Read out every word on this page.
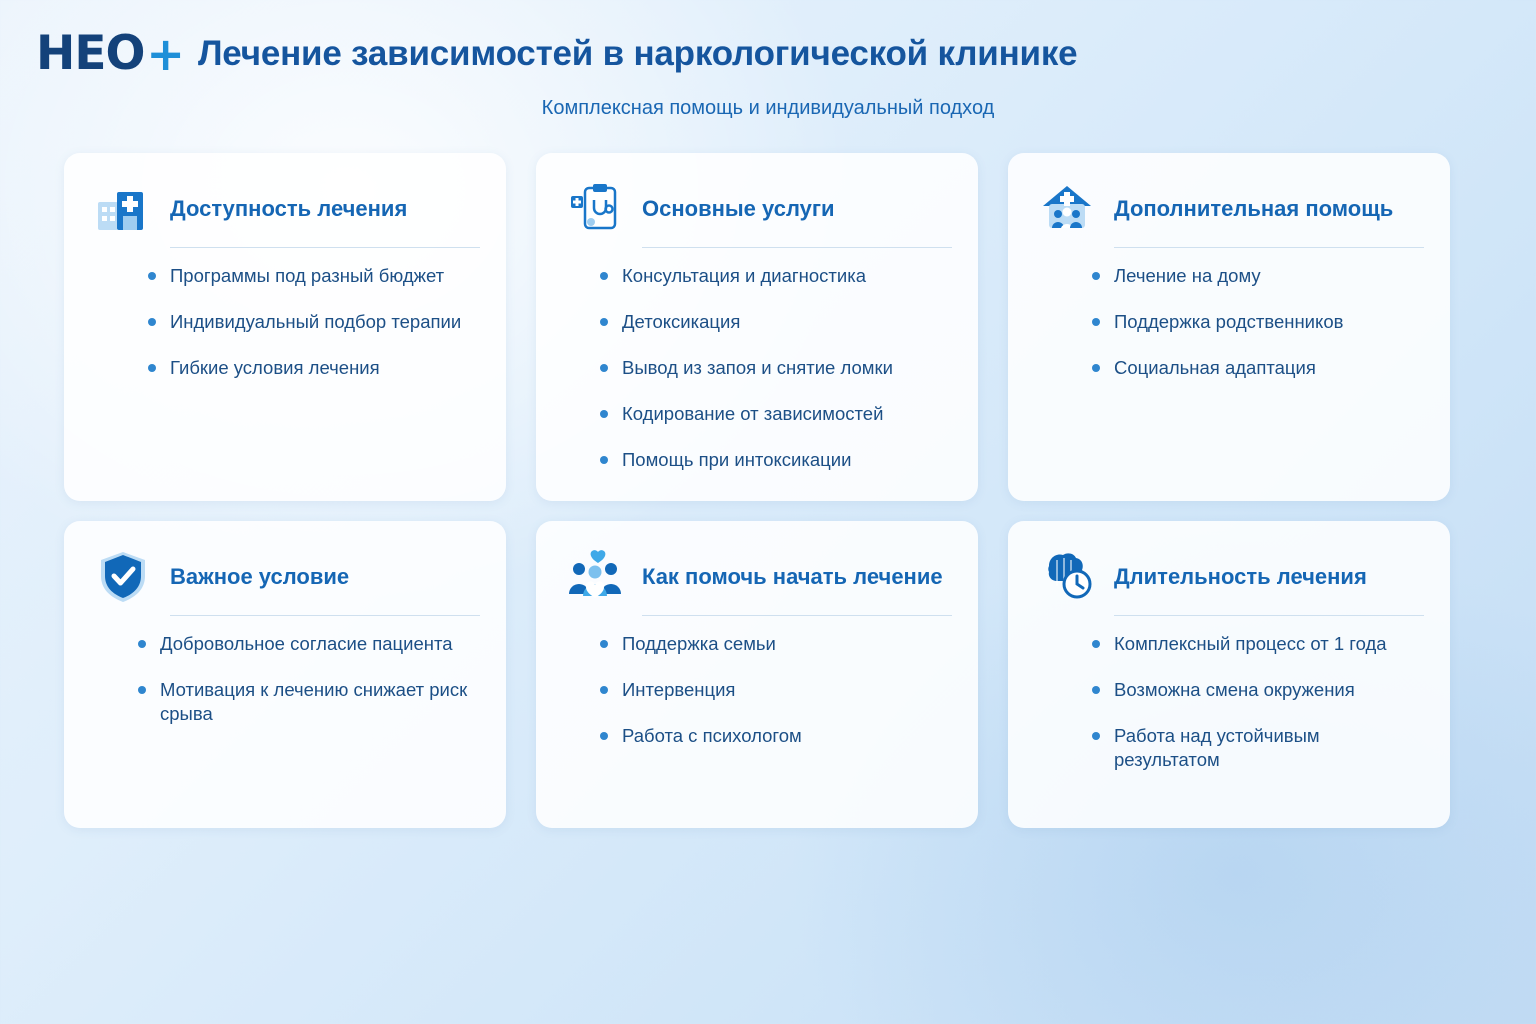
HEO + Лечение зависимостей в наркологической клинике
Комплексная помощь и индивидуальный подход
Доступность лечения
Программы под разный бюджет
Индивидуальный подбор терапии
Гибкие условия лечения
Основные услуги
Консультация и диагностика
Детоксикация
Вывод из запоя и снятие ломки
Кодирование от зависимостей
Помощь при интоксикации
Дополнительная помощь
Лечение на дому
Поддержка родственников
Социальная адаптация
Важное условие
Добровольное согласие пациента
Мотивация к лечению снижает риск срыва
Как помочь начать лечение
Поддержка семьи
Интервенция
Работа с психологом
Длительность лечения
Комплексный процесс от 1 года
Возможна смена окружения
Работа над устойчивым результатом
